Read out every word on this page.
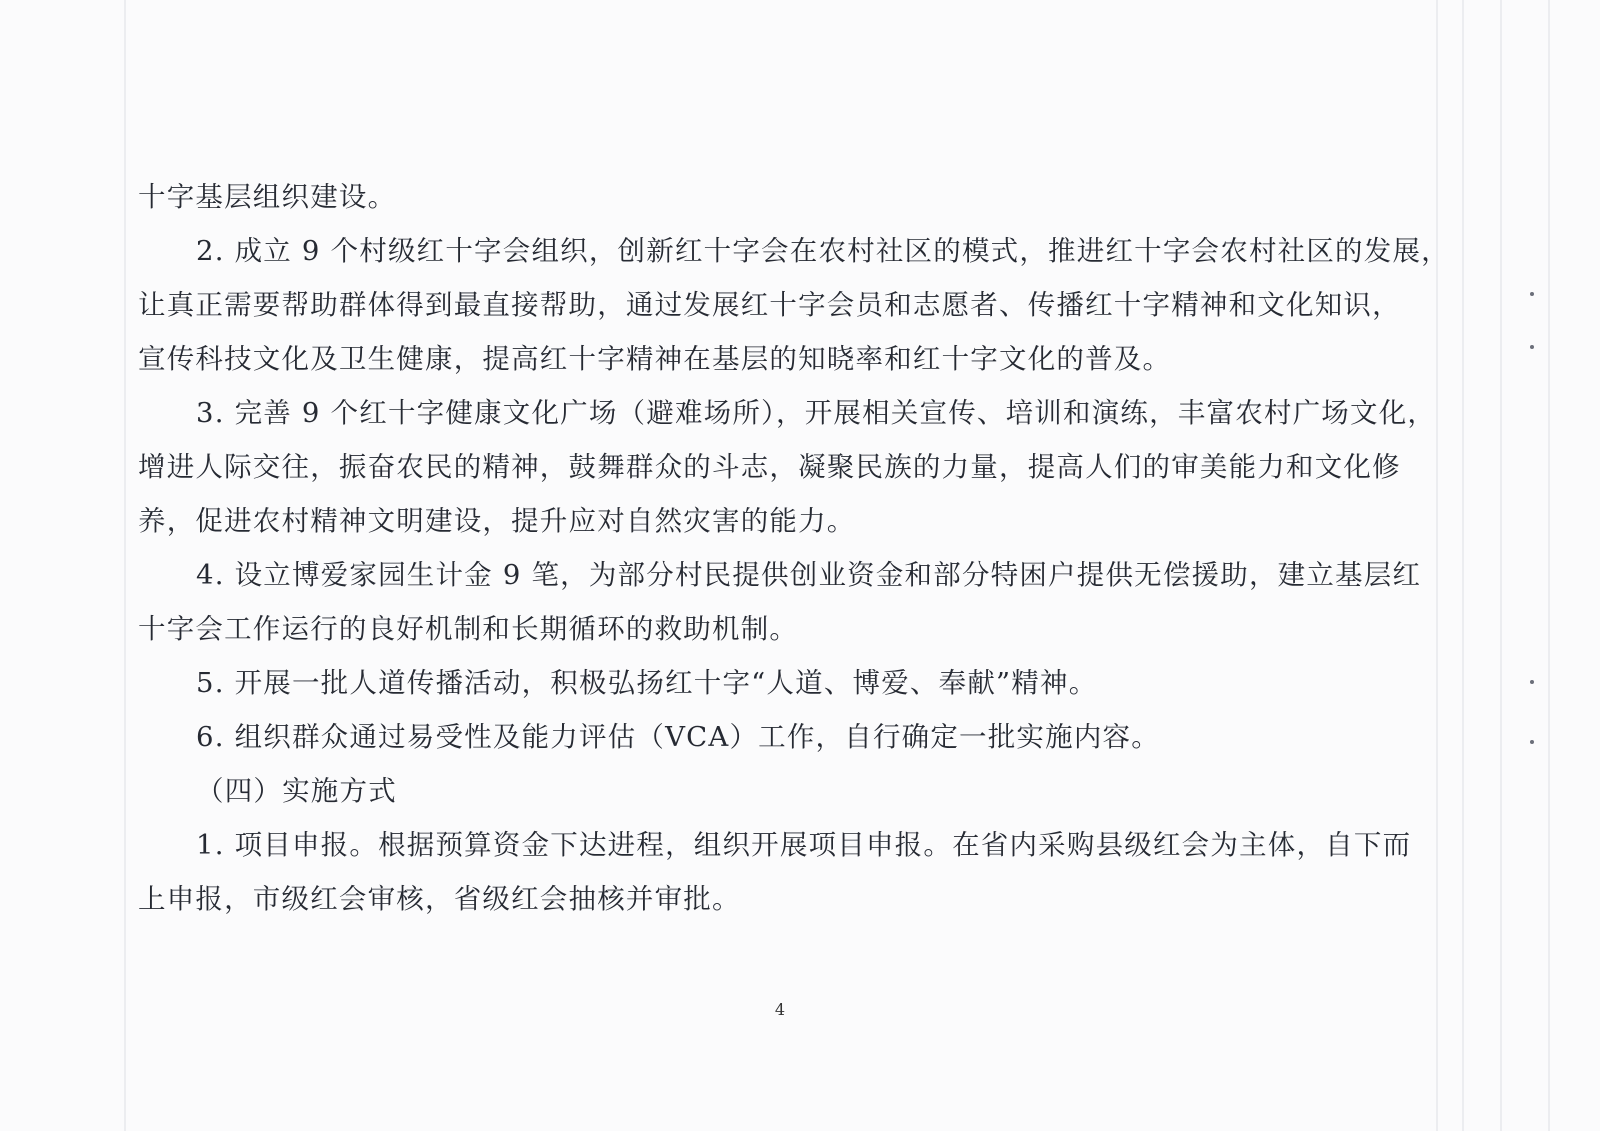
十字基层组织建设。
2. 成立 9 个村级红十字会组织，创新红十字会在农村社区的模式，推进红十字会农村社区的发展，
让真正需要帮助群体得到最直接帮助，通过发展红十字会员和志愿者、传播红十字精神和文化知识，
宣传科技文化及卫生健康，提高红十字精神在基层的知晓率和红十字文化的普及。
3. 完善 9 个红十字健康文化广场（避难场所），开展相关宣传、培训和演练，丰富农村广场文化，
增进人际交往，振奋农民的精神，鼓舞群众的斗志，凝聚民族的力量，提高人们的审美能力和文化修
养，促进农村精神文明建设，提升应对自然灾害的能力。
4. 设立博爱家园生计金 9 笔，为部分村民提供创业资金和部分特困户提供无偿援助，建立基层红
十字会工作运行的良好机制和长期循环的救助机制。
5. 开展一批人道传播活动，积极弘扬红十字“人道、博爱、奉献”精神。
6. 组织群众通过易受性及能力评估（VCA）工作，自行确定一批实施内容。
（四）实施方式
1. 项目申报。根据预算资金下达进程，组织开展项目申报。在省内采购县级红会为主体，自下而
上申报，市级红会审核，省级红会抽核并审批。
4
